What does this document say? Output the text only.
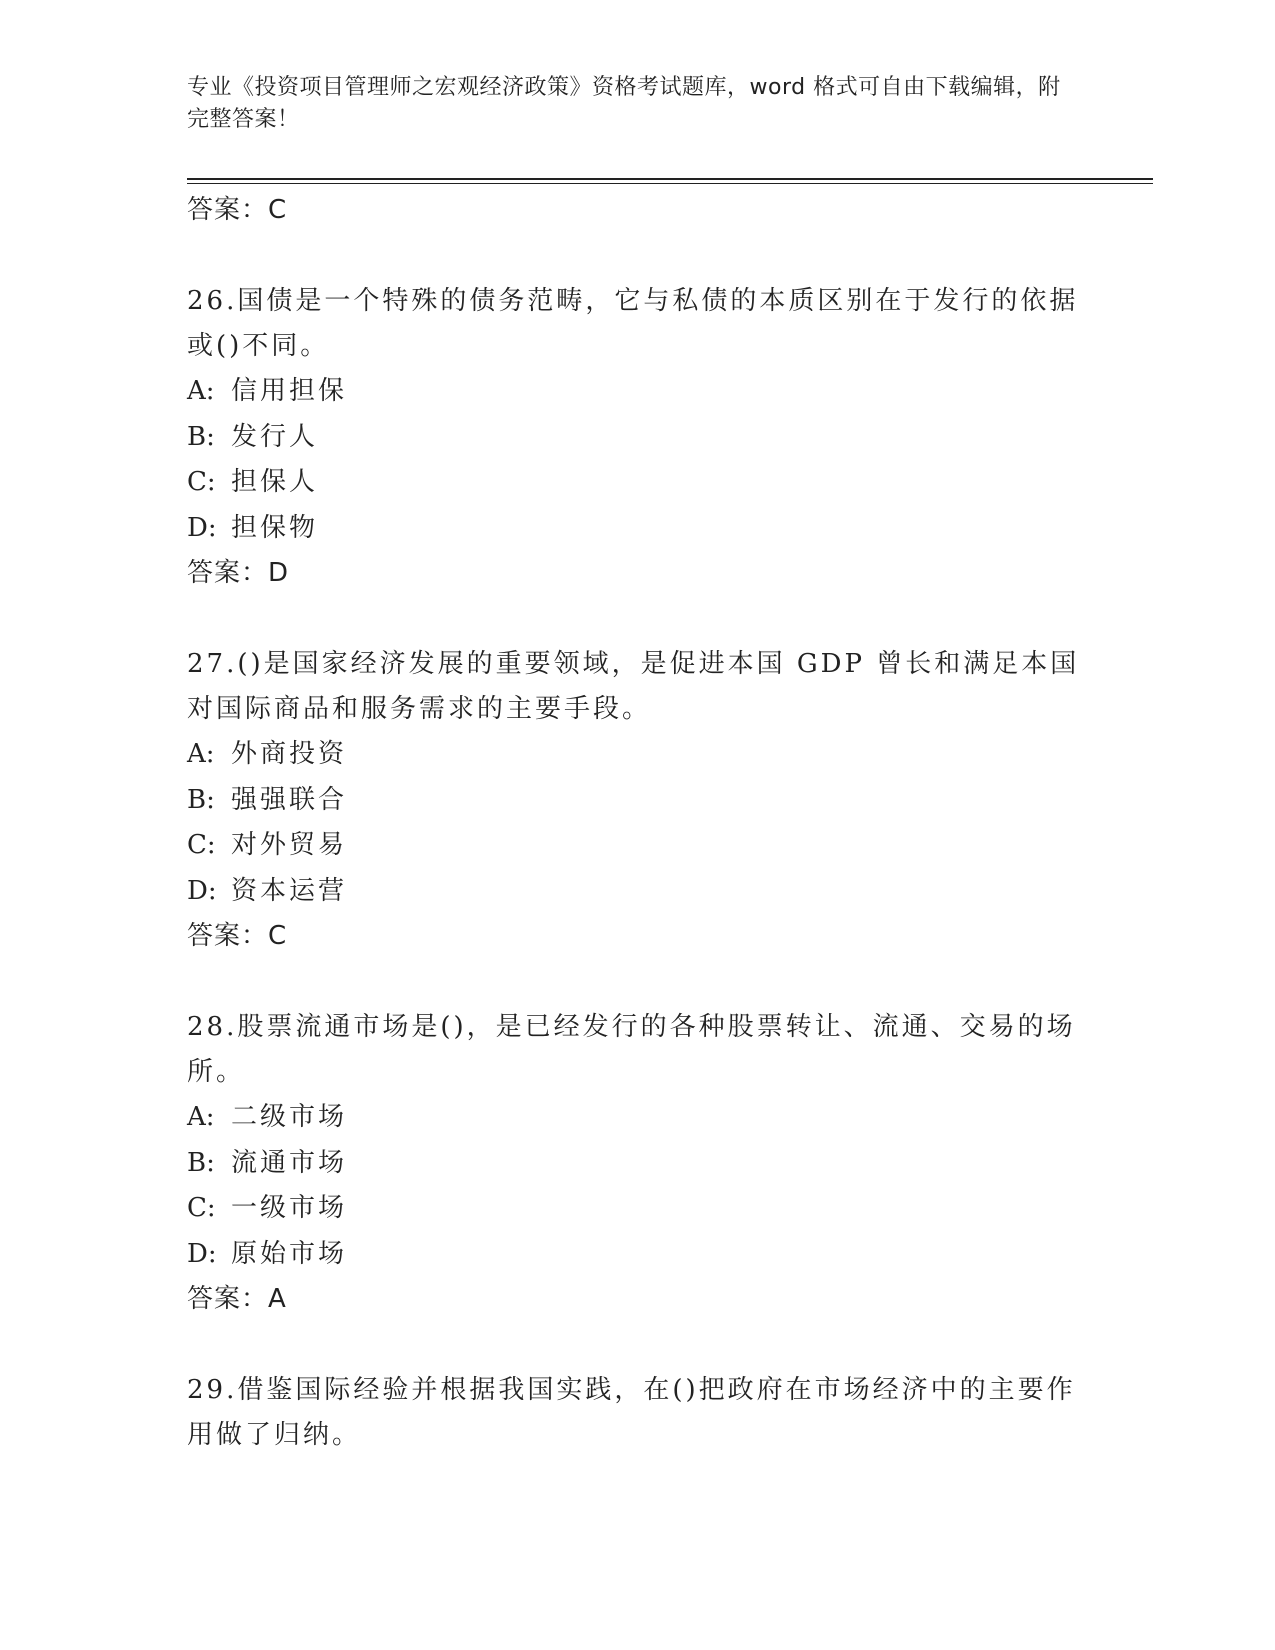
专业《投资项目管理师之宏观经济政策》资格考试题库，word 格式可自由下载编辑，附完整答案！
答案：C
26.国债是一个特殊的债务范畴，它与私债的本质区别在于发行的依据或()不同。
A: 信用担保
B: 发行人
C: 担保人
D: 担保物
答案：D
27.()是国家经济发展的重要领域，是促进本国 GDP 曾长和满足本国对国际商品和服务需求的主要手段。
A: 外商投资
B: 强强联合
C: 对外贸易
D: 资本运营
答案：C
28.股票流通市场是()，是已经发行的各种股票转让、流通、交易的场所。
A: 二级市场
B: 流通市场
C: 一级市场
D: 原始市场
答案：A
29.借鉴国际经验并根据我国实践，在()把政府在市场经济中的主要作用做了归纳。
